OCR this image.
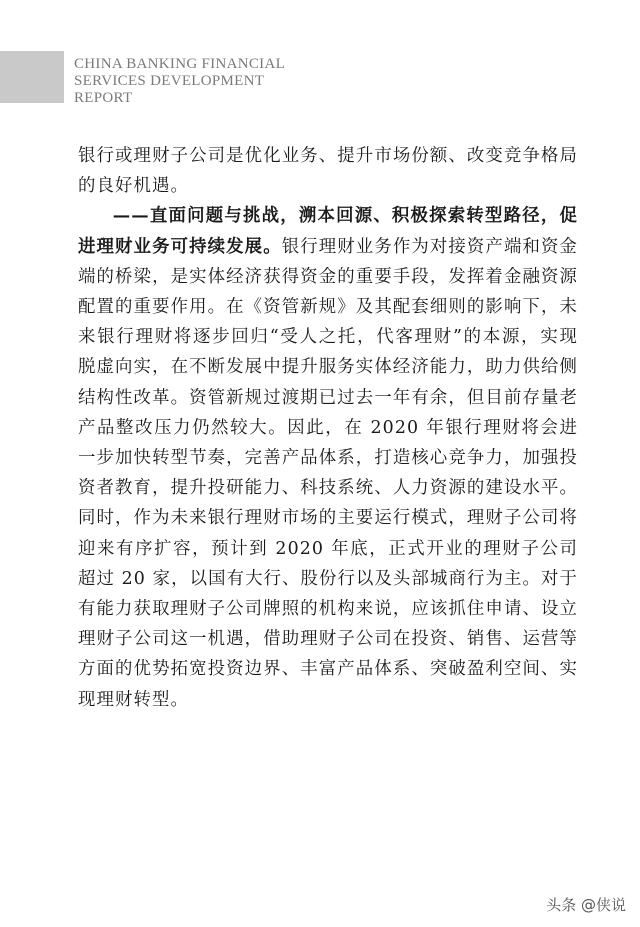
CHINA BANKING FINANCIAL
SERVICES DEVELOPMENT
REPORT

银行或理财子公司是优化业务、提升市场份额、改变竞争格局的良好机遇。

——直面问题与挑战，溯本回源、积极探索转型路径，促进理财业务可持续发展。银行理财业务作为对接资产端和资金端的桥梁，是实体经济获得资金的重要手段，发挥着金融资源配置的重要作用。在《资管新规》及其配套细则的影响下，未来银行理财将逐步回归“受人之托，代客理财”的本源，实现脱虚向实，在不断发展中提升服务实体经济能力，助力供给侧结构性改革。资管新规过渡期已过去一年有余，但目前存量老产品整改压力仍然较大。因此，在 2020 年银行理财将会进一步加快转型节奏，完善产品体系，打造核心竞争力，加强投资者教育，提升投研能力、科技系统、人力资源的建设水平。同时，作为未来银行理财市场的主要运行模式，理财子公司将迎来有序扩容，预计到 2020 年底，正式开业的理财子公司超过 20 家，以国有大行、股份行以及头部城商行为主。对于有能力获取理财子公司牌照的机构来说，应该抓住申请、设立理财子公司这一机遇，借助理财子公司在投资、销售、运营等方面的优势拓宽投资边界、丰富产品体系、突破盈利空间、实现理财转型。

头条 @侠说
